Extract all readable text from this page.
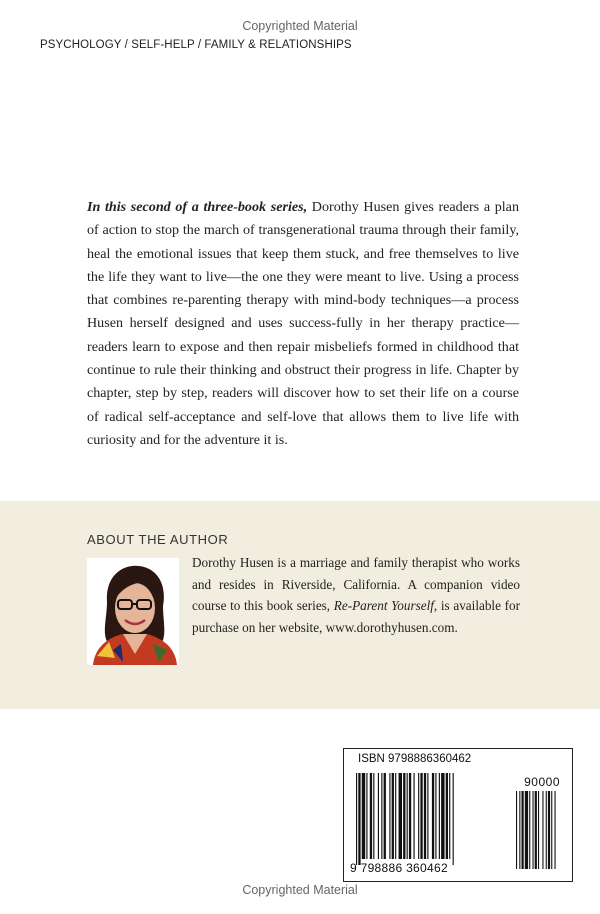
Copyrighted Material
PSYCHOLOGY / SELF-HELP / FAMILY & RELATIONSHIPS

In this second of a three-book series, Dorothy Husen gives readers a plan of action to stop the march of transgenerational trauma through their family, heal the emotional issues that keep them stuck, and free themselves to live the life they want to live—the one they were meant to live. Using a process that combines re-parenting therapy with mind-body techniques—a process Husen herself designed and uses success-fully in her therapy practice—readers learn to expose and then repair misbeliefs formed in childhood that continue to rule their thinking and obstruct their progress in life. Chapter by chapter, step by step, readers will discover how to set their life on a course of radical self-acceptance and self-love that allows them to live life with curiosity and for the adventure it is.

ABOUT THE AUTHOR

Dorothy Husen is a marriage and family therapist who works and resides in Riverside, California. A companion video course to this book series, Re-Parent Yourself, is available for purchase on her website, www.dorothyhusen.com.

ISBN 9798886360462
90000
9 798886 360462
Copyrighted Material
